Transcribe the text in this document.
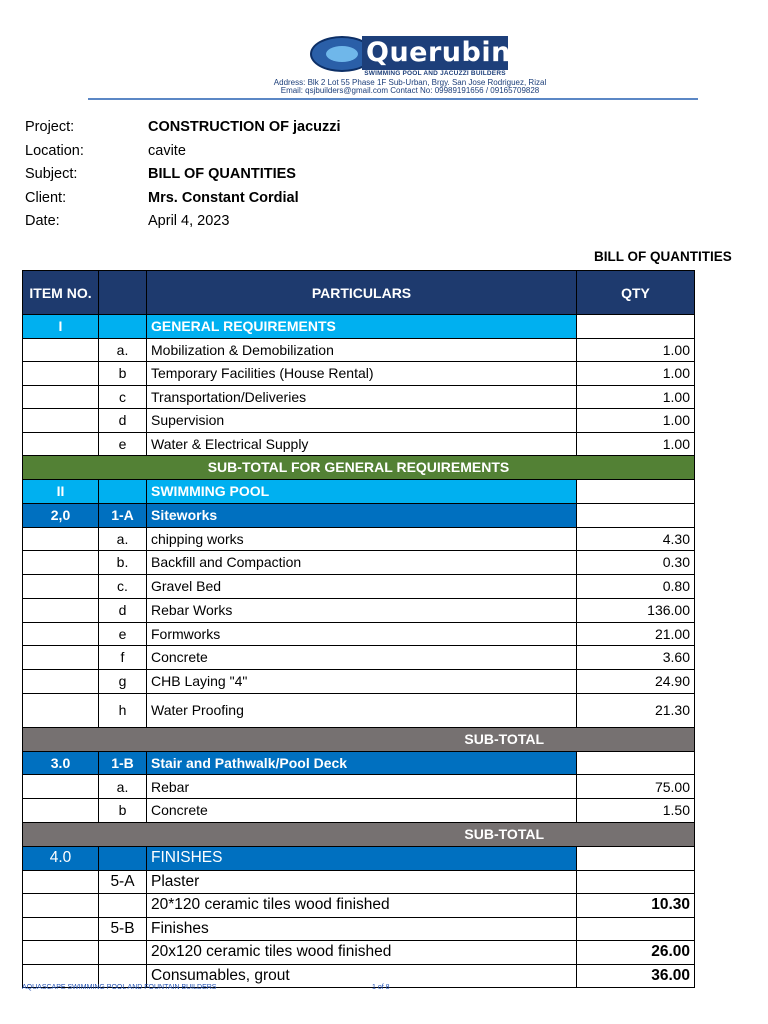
Querubin
SWIMMING POOL AND JACUZZI BUILDERS
Address: Blk 2 Lot 55 Phase 1F Sub-Urban, Brgy. San Jose Rodriguez, Rizal
Email: qsjbuilders@gmail.com Contact No: 09989191656 / 09165709828
Project:	CONSTRUCTION OF jacuzzi
Location:	cavite
Subject:	BILL OF QUANTITIES
Client:	Mrs. Constant Cordial
Date:	April 4, 2023
BILL OF QUANTITIES
ITEM NO.		PARTICULARS	QTY
I		GENERAL REQUIREMENTS	
	a.	Mobilization & Demobilization	1.00
	b	Temporary Facilities (House Rental)	1.00
	c	Transportation/Deliveries	1.00
	d	Supervision	1.00
	e	Water & Electrical Supply	1.00
SUB-TOTAL FOR GENERAL REQUIREMENTS			
II		SWIMMING POOL	
2,0	1-A	Siteworks	
	a.	chipping works	4.30
	b.	Backfill and Compaction	0.30
	c.	Gravel Bed	0.80
	d	Rebar Works	136.00
	e	Formworks	21.00
	f	Concrete	3.60
	g	CHB Laying "4"	24.90
	h	Water Proofing	21.30
SUB-TOTAL			
3.0	1-B	Stair and Pathwalk/Pool Deck	
	a.	Rebar	75.00
	b	Concrete	1.50
SUB-TOTAL			
4.0		FINISHES	
	5-A	Plaster	
		20*120 ceramic tiles wood finished	10.30
	5-B	Finishes	
		20x120 ceramic tiles wood finished	26.00
		Consumables, grout	36.00
AQUASCAPE SWIMMING POOL AND FOUNTAIN BUILDERS	1 of 8
